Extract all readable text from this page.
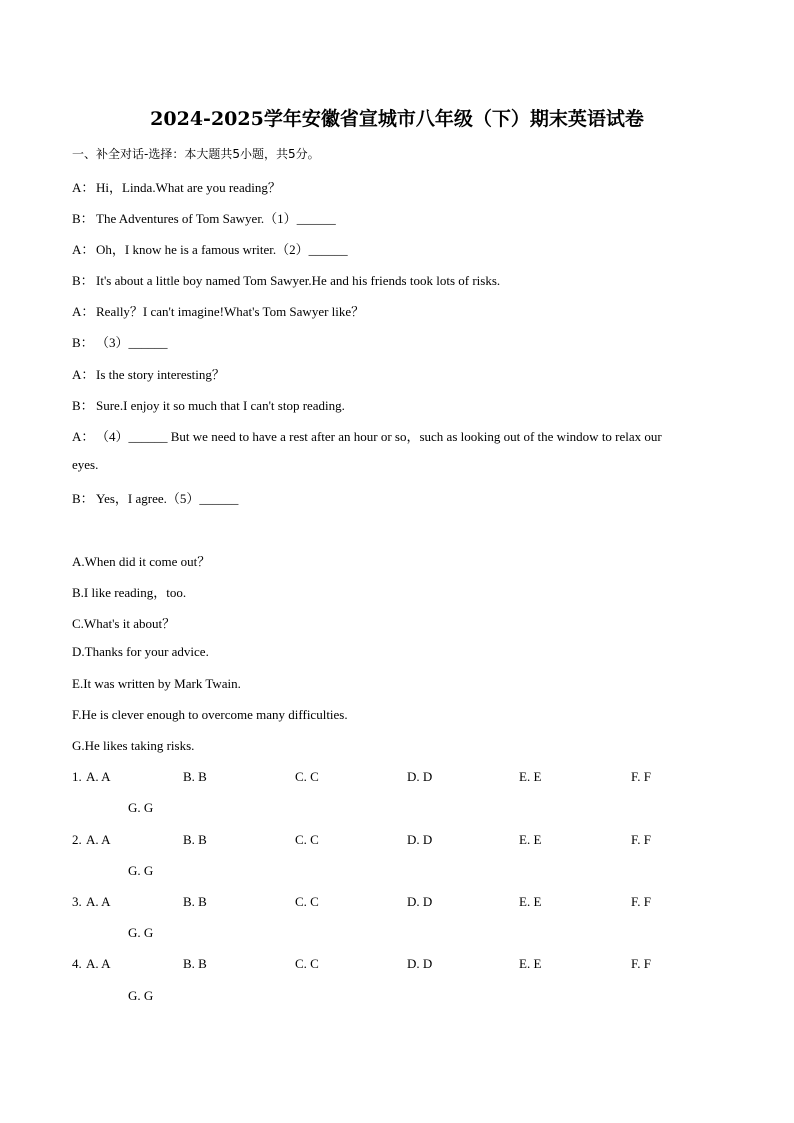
2024-2025学年安徽省宣城市八年级（下）期末英语试卷
一、补全对话-选择：本大题共5小题，共5分。
A： Hi，Linda.What are you reading？
B： The Adventures of Tom Sawyer.（1）______
A： Oh，I know he is a famous writer.（2）______
B： It's about a little boy named Tom Sawyer.He and his friends took lots of risks.
A： Really？I can't imagine!What's Tom Sawyer like？
B： （3）______
A： Is the story interesting？
B： Sure.I enjoy it so much that I can't stop reading.
A： （4）______ But we need to have a rest after an hour or so，such as looking out of the window to relax our
eyes.
B： Yes，I agree.（5）______
A.When did it come out？
B.I like reading，too.
C.What's it about？
D.Thanks for your advice.
E.It was written by Mark Twain.
F.He is clever enough to overcome many difficulties.
G.He likes taking risks.
1. A. A	B. B	C. C	D. D	E. E	F. F
G. G
2. A. A	B. B	C. C	D. D	E. E	F. F
G. G
3. A. A	B. B	C. C	D. D	E. E	F. F
G. G
4. A. A	B. B	C. C	D. D	E. E	F. F
G. G
